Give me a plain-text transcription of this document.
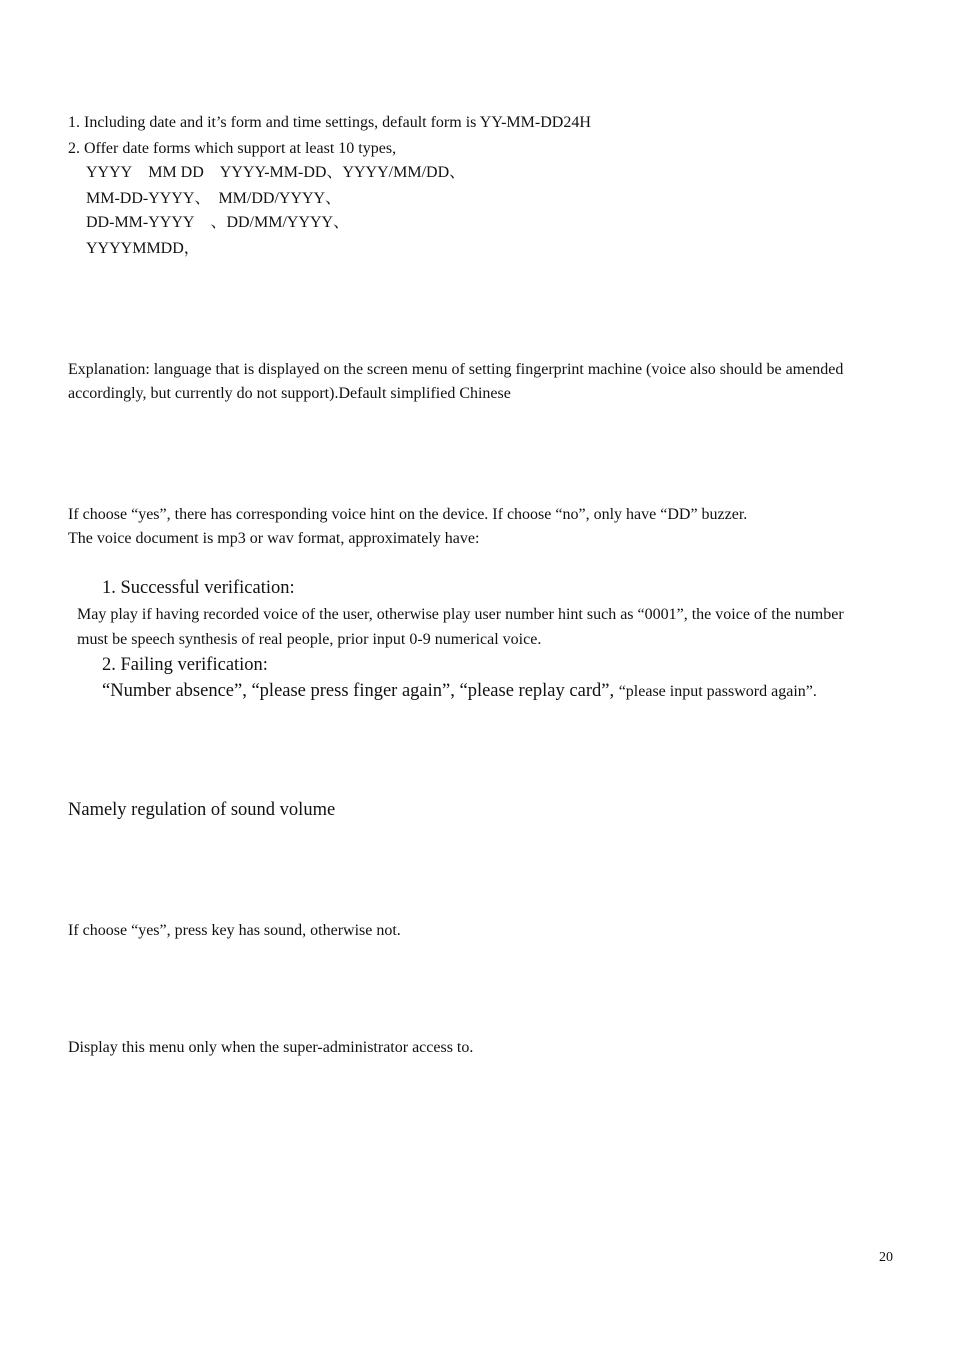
1. Including date and it’s form and time settings, default form is YY-MM-DD24H
2. Offer date forms which support at least 10 types,
YYYY    MM DD    YYYY-MM-DD、YYYY/MM/DD、
MM-DD-YYYY、  MM/DD/YYYY、
DD-MM-YYYY    、DD/MM/YYYY、
YYYYMMDD，
Explanation: language that is displayed on the screen menu of setting fingerprint machine (voice also should be amended
accordingly, but currently do not support).Default simplified Chinese
If choose “yes”, there has corresponding voice hint on the device. If choose “no”, only have “DD” buzzer.
The voice document is mp3 or wav format, approximately have:
1. Successful verification:
May play if having recorded voice of the user, otherwise play user number hint such as “0001”, the voice of the number
must be speech synthesis of real people, prior input 0-9 numerical voice.
2. Failing verification:
“Number absence”, “please press finger again”, “please replay card”, “please input password again”.
Namely regulation of sound volume
If choose “yes”, press key has sound, otherwise not.
Display this menu only when the super-administrator access to.
20
